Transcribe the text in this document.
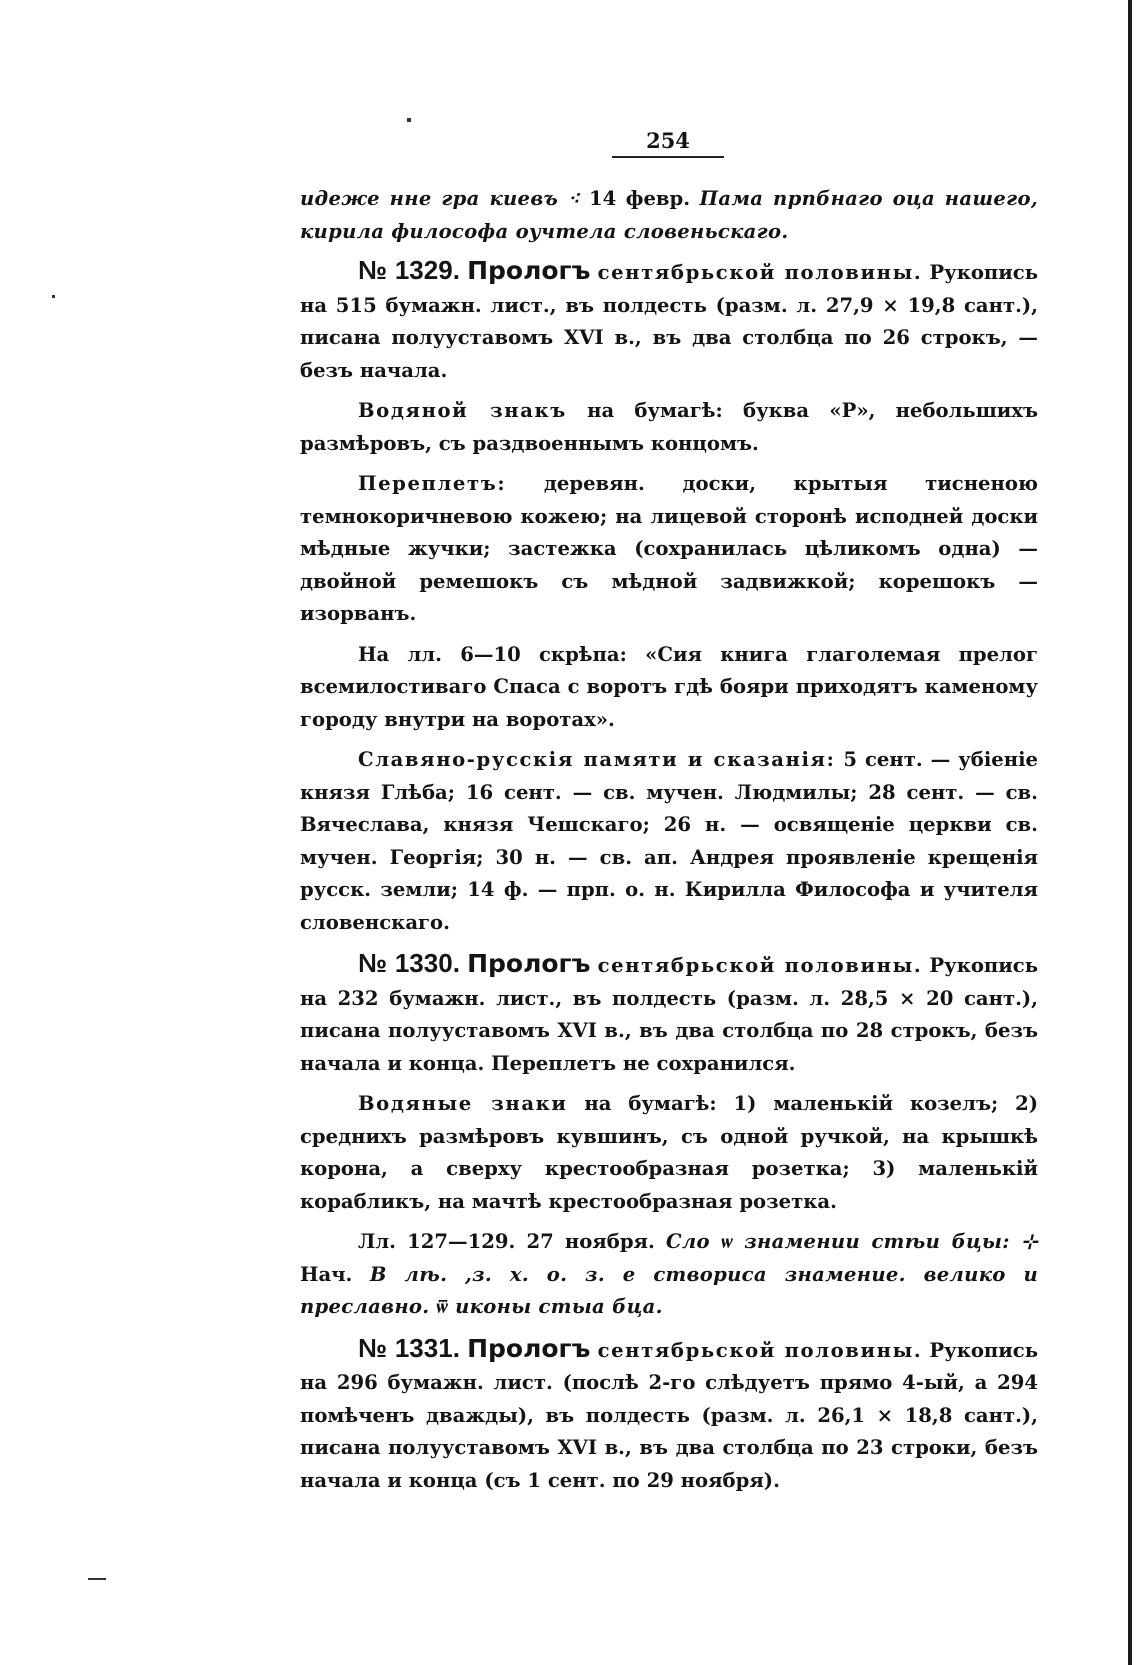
254

идеже нне гра киевъ ⁖ 14 февр. Пама прпбнаго оца нашего, кирила философа оучтела словеньскаго.

№ 1329. Прологъ сентябрьской половины. Рукопись на 515 бумажн. лист., въ полдесть (разм. л. 27,9 × 19,8 сант.), писана полууставомъ XVI в., въ два столбца по 26 строкъ, — безъ начала.

Водяной знакъ на бумагѣ: буква «Р», небольшихъ размѣровъ, съ раздвоеннымъ концомъ.

Переплетъ: деревян. доски, крытыя тисненою темнокоричневою кожею; на лицевой сторонѣ исподней доски мѣдные жучки; застежка (сохранилась цѣликомъ одна) — двойной ремешокъ съ мѣдной задвижкой; корешокъ — изорванъ.

На лл. 6—10 скрѣпа: «Сия книга глаголемая прелог всемилостиваго Спаса с воротъ гдѣ бояри приходятъ каменому городу внутри на воротах».

Славяно-русскія памяти и сказанія: 5 сент. — убіеніе князя Глѣба; 16 сент. — св. мучен. Людмилы; 28 сент. — св. Вячеслава, князя Чешскаго; 26 н. — освященіе церкви св. мучен. Георгія; 30 н. — св. ап. Андрея проявленіе крещенія русск. земли; 14 ф. — прп. о. н. Кирилла Философа и учителя словенскаго.

№ 1330. Прологъ сентябрьской половины. Рукопись на 232 бумажн. лист., въ полдесть (разм. л. 28,5 × 20 сант.), писана полууставомъ XVI в., въ два столбца по 28 строкъ, безъ начала и конца. Переплетъ не сохранился.

Водяные знаки на бумагѣ: 1) маленькій козелъ; 2) среднихъ размѣровъ кувшинъ, съ одной ручкой, на крышкѣ корона, а сверху крестообразная розетка; 3) маленькій корабликъ, на мачтѣ крестообразная розетка.

Лл. 127—129. 27 ноября. Сло ѡ знамении стѣи бцы: ⊹ Нач. В лѣ. ,з. х. о. з. е створиса знамение. велико и преславно. ѿ иконы стыа бца.

№ 1331. Прологъ сентябрьской половины. Рукопись на 296 бумажн. лист. (послѣ 2-го слѣдуетъ прямо 4-ый, а 294 помѣченъ дважды), въ полдесть (разм. л. 26,1 × 18,8 сант.), писана полууставомъ XVI в., въ два столбца по 23 строки, безъ начала и конца (съ 1 сент. по 29 ноября).
